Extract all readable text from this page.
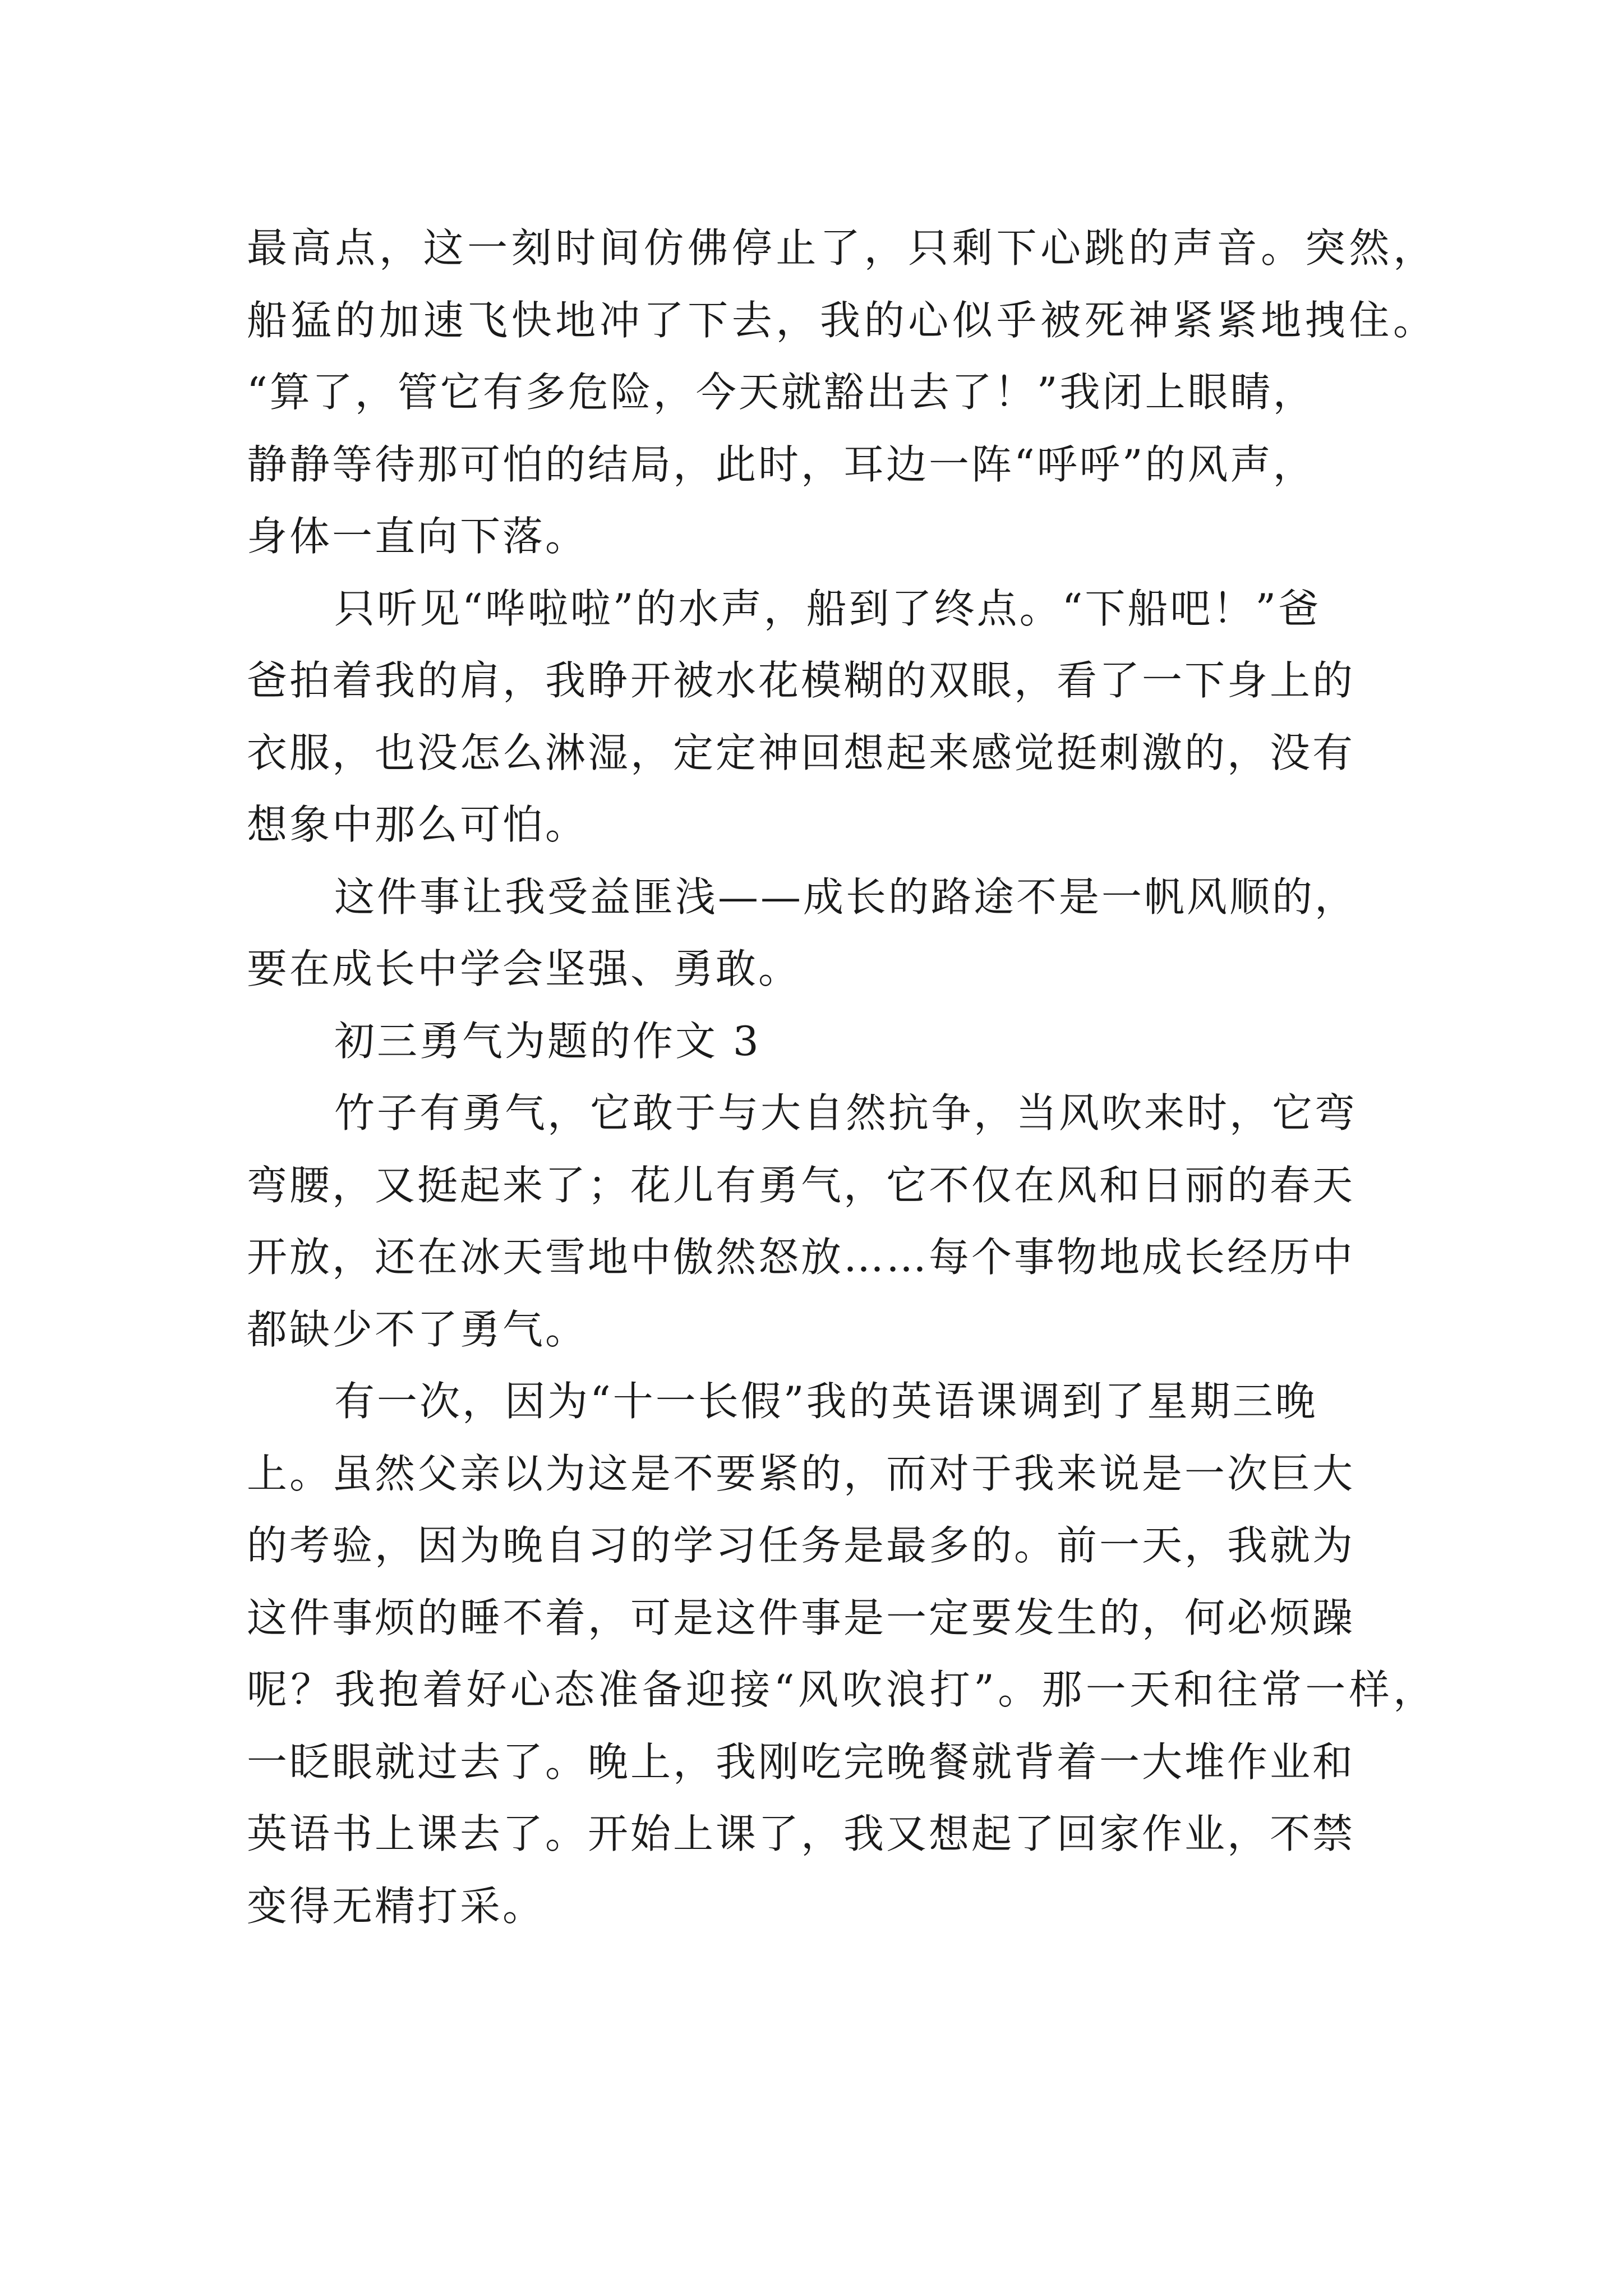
最高点，这一刻时间仿佛停止了，只剩下心跳的声音。突然，
船猛的加速飞快地冲了下去，我的心似乎被死神紧紧地拽住。
“算了，管它有多危险，今天就豁出去了！”我闭上眼睛，
静静等待那可怕的结局，此时，耳边一阵“呼呼”的风声，
身体一直向下落。
只听见“哗啦啦”的水声，船到了终点。“下船吧！”爸
爸拍着我的肩，我睁开被水花模糊的双眼，看了一下身上的
衣服，也没怎么淋湿，定定神回想起来感觉挺刺激的，没有
想象中那么可怕。
这件事让我受益匪浅——成长的路途不是一帆风顺的，
要在成长中学会坚强、勇敢。
初三勇气为题的作文 3
竹子有勇气，它敢于与大自然抗争，当风吹来时，它弯
弯腰，又挺起来了；花儿有勇气，它不仅在风和日丽的春天
开放，还在冰天雪地中傲然怒放……每个事物地成长经历中
都缺少不了勇气。
有一次，因为“十一长假”我的英语课调到了星期三晚
上。虽然父亲以为这是不要紧的，而对于我来说是一次巨大
的考验，因为晚自习的学习任务是最多的。前一天，我就为
这件事烦的睡不着，可是这件事是一定要发生的，何必烦躁
呢？我抱着好心态准备迎接“风吹浪打”。那一天和往常一样，
一眨眼就过去了。晚上，我刚吃完晚餐就背着一大堆作业和
英语书上课去了。开始上课了，我又想起了回家作业，不禁
变得无精打采。
